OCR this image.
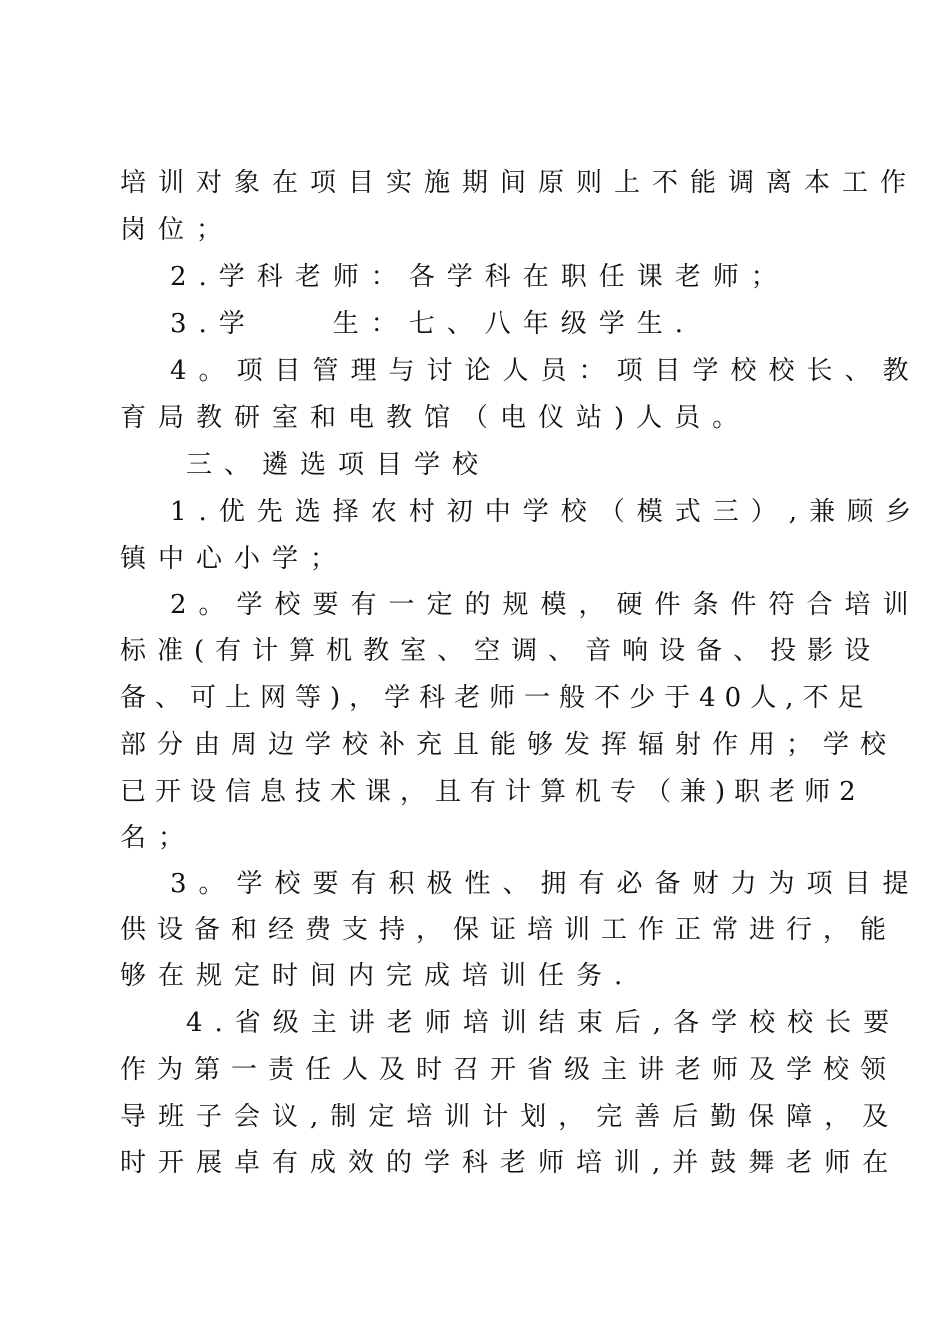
培训对象在项目实施期间原则上不能调离本工作
岗位；
2.学科老师：各学科在职任课老师；
3.学　　生：七、八年级学生.
4。项目管理与讨论人员：项目学校校长、教
育局教研室和电教馆（电仪站)人员。
三、遴选项目学校
1.优先选择农村初中学校（模式三）,兼顾乡
镇中心小学；
2。学校要有一定的规模，硬件条件符合培训
标准(有计算机教室、空调、音响设备、投影设
备、可上网等)，学科老师一般不少于40人,不足
部分由周边学校补充且能够发挥辐射作用；学校
已开设信息技术课，且有计算机专（兼)职老师2
名；
3。学校要有积极性、拥有必备财力为项目提
供设备和经费支持，保证培训工作正常进行，能
够在规定时间内完成培训任务.
4.省级主讲老师培训结束后,各学校校长要
作为第一责任人及时召开省级主讲老师及学校领
导班子会议,制定培训计划，完善后勤保障，及
时开展卓有成效的学科老师培训,并鼓舞老师在
